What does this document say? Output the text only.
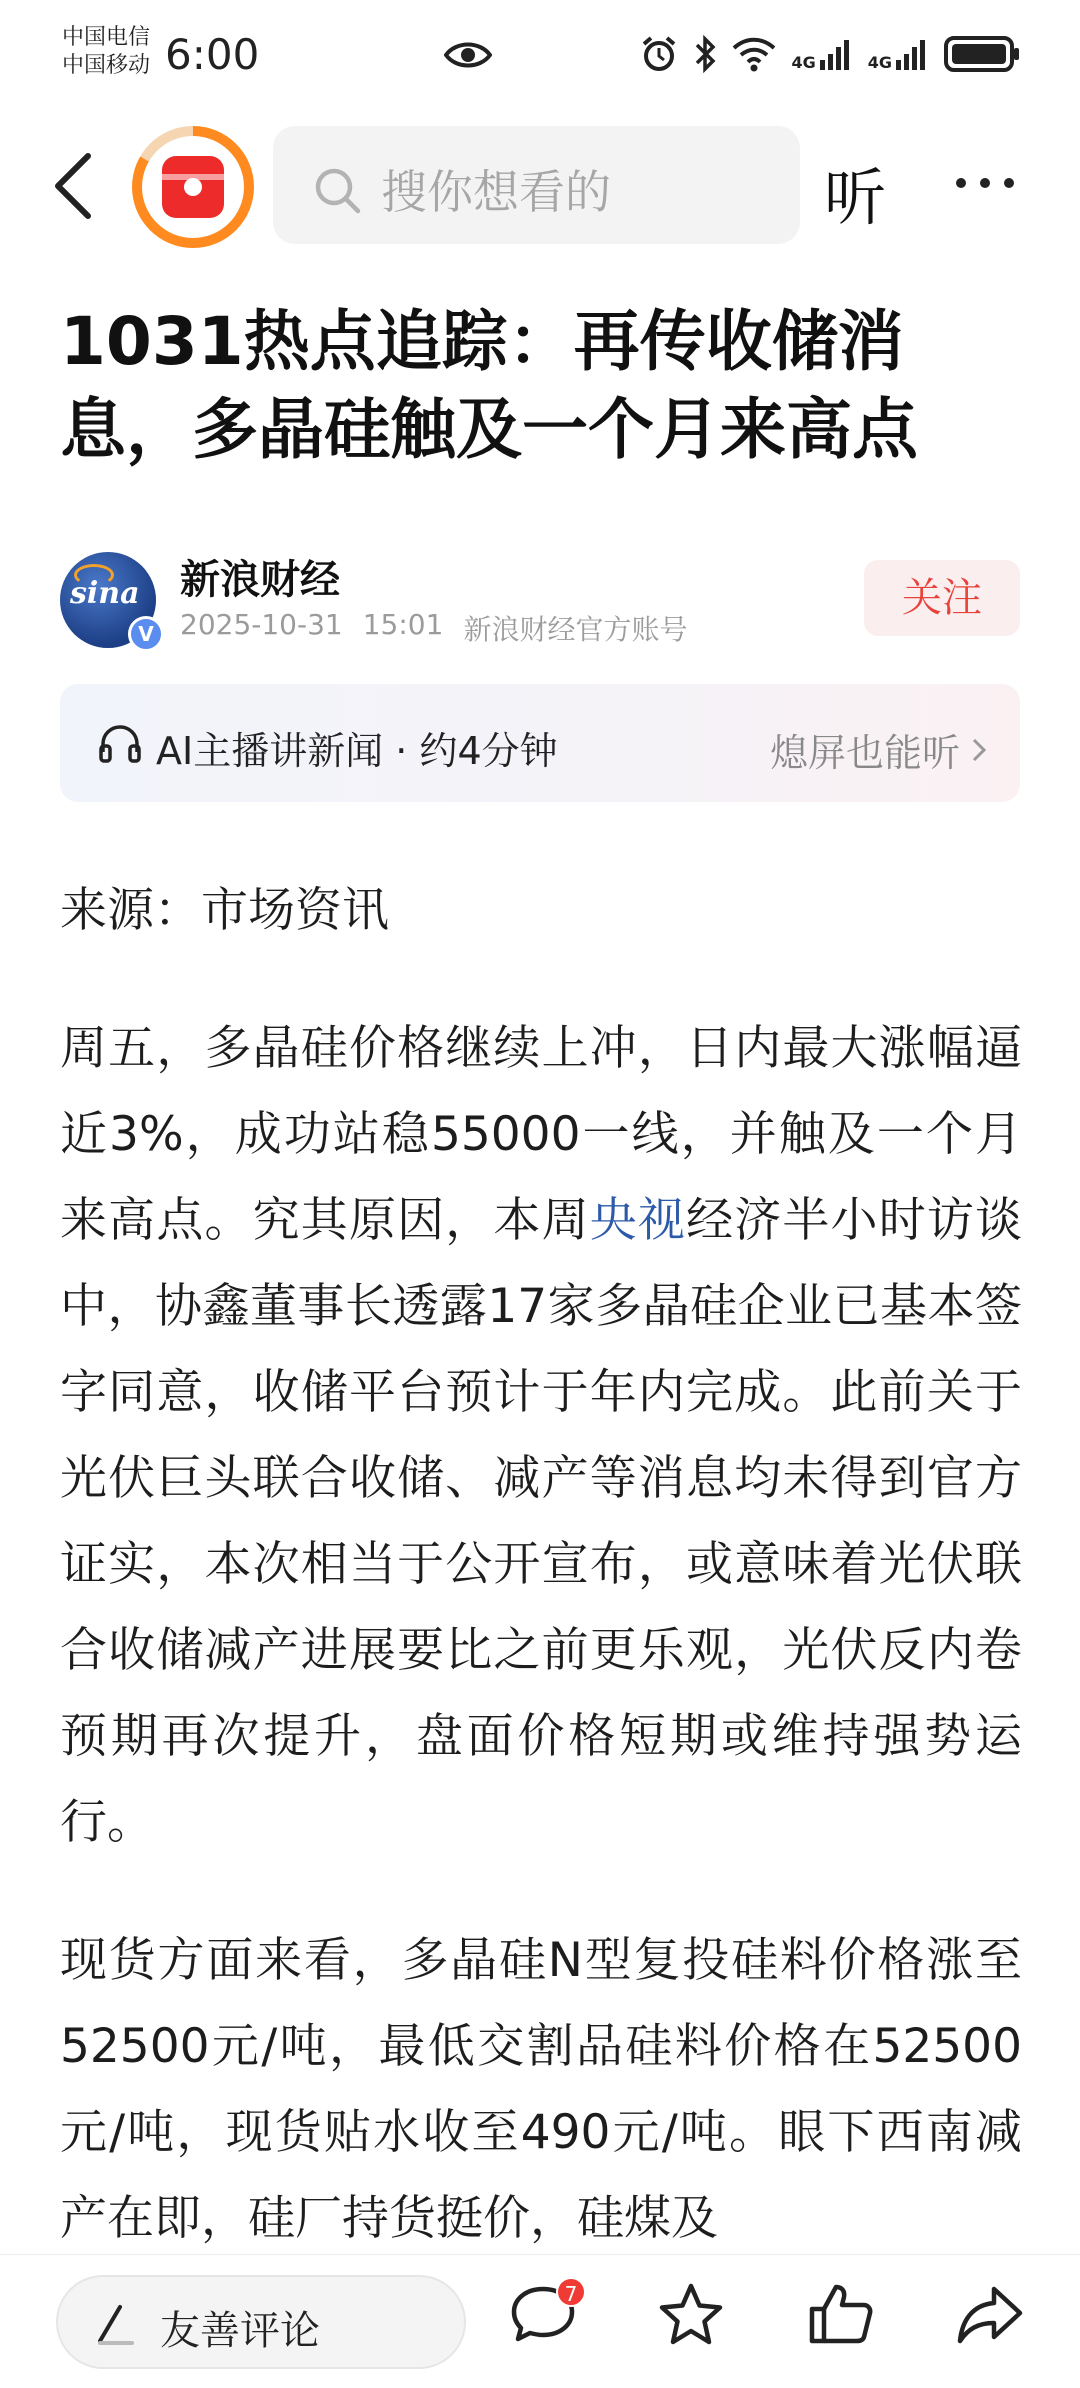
中国电信
中国移动 6:00	4G	4G
搜你想看的	听
1031热点追踪：再传收储消息，多晶硅触及一个月来高点
sina
V
新浪财经
2025-10-31 15:01 新浪财经官方账号
关注
AI主播讲新闻 · 约4分钟	熄屏也能听
来源：市场资讯

周五，多晶硅价格继续上冲，日内最大涨幅逼近3%，成功站稳55000一线，并触及一个月来高点。究其原因，本周央视经济半小时访谈中，协鑫董事长透露17家多晶硅企业已基本签字同意，收储平台预计于年内完成。此前关于光伏巨头联合收储、减产等消息均未得到官方证实，本次相当于公开宣布，或意味着光伏联合收储减产进展要比之前更乐观，光伏反内卷预期再次提升，盘面价格短期或维持强势运行。

现货方面来看，多晶硅N型复投硅料价格涨至52500元/吨，最低交割品硅料价格在52500元/吨，现货贴水收至490元/吨。眼下西南减产在即，硅厂持货挺价，硅煤及

友善评论
7
